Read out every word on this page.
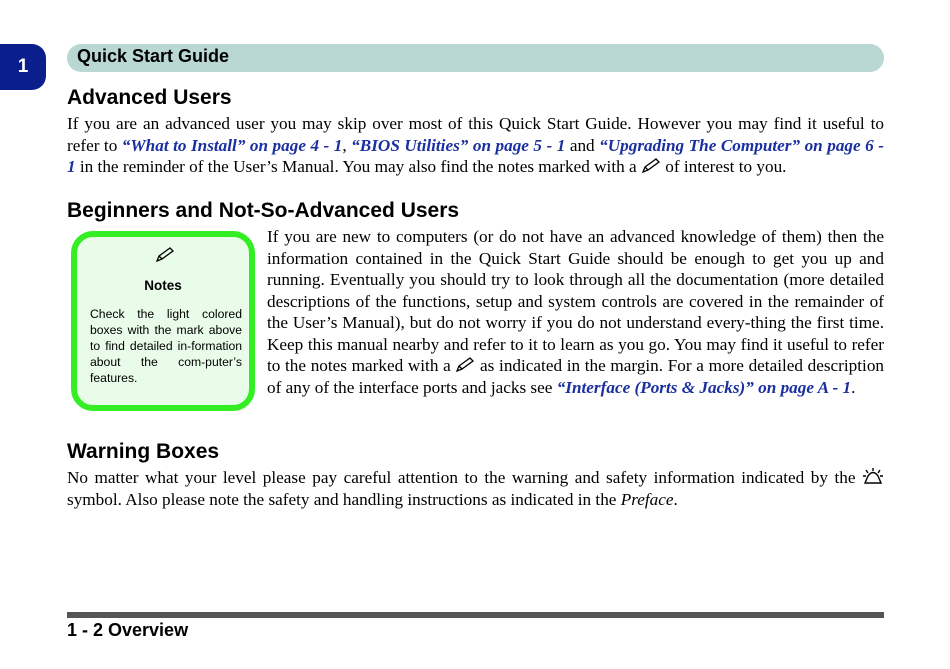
1	Quick Start Guide
Advanced Users

If you are an advanced user you may skip over most of this Quick Start Guide. However you may find it useful to refer to “What to Install” on page 4 - 1, “BIOS Utilities” on page 5 - 1 and “Upgrading The Computer” on page 6 - 1 in the reminder of the User’s Manual. You may also find the notes marked with a  of interest to you.

Beginners and Not-So-Advanced Users
Notes

Check the light colored boxes with the mark above to find detailed in-formation about the com-puter’s features.

If you are new to computers (or do not have an advanced knowledge of them) then the information contained in the Quick Start Guide should be enough to get you up and running. Eventually you should try to look through all the documentation (more detailed descriptions of the functions, setup and system controls are covered in the remainder of the User’s Manual), but do not worry if you do not understand every-thing the first time. Keep this manual nearby and refer to it to learn as you go. You may find it useful to refer to the notes marked with a  as indicated in the margin. For a more detailed description of any of the interface ports and jacks see “Interface (Ports & Jacks)” on page A - 1.

Warning Boxes

No matter what your level please pay careful attention to the warning and safety information indicated by the  symbol. Also please note the safety and handling instructions as indicated in the Preface.

1 - 2 Overview
